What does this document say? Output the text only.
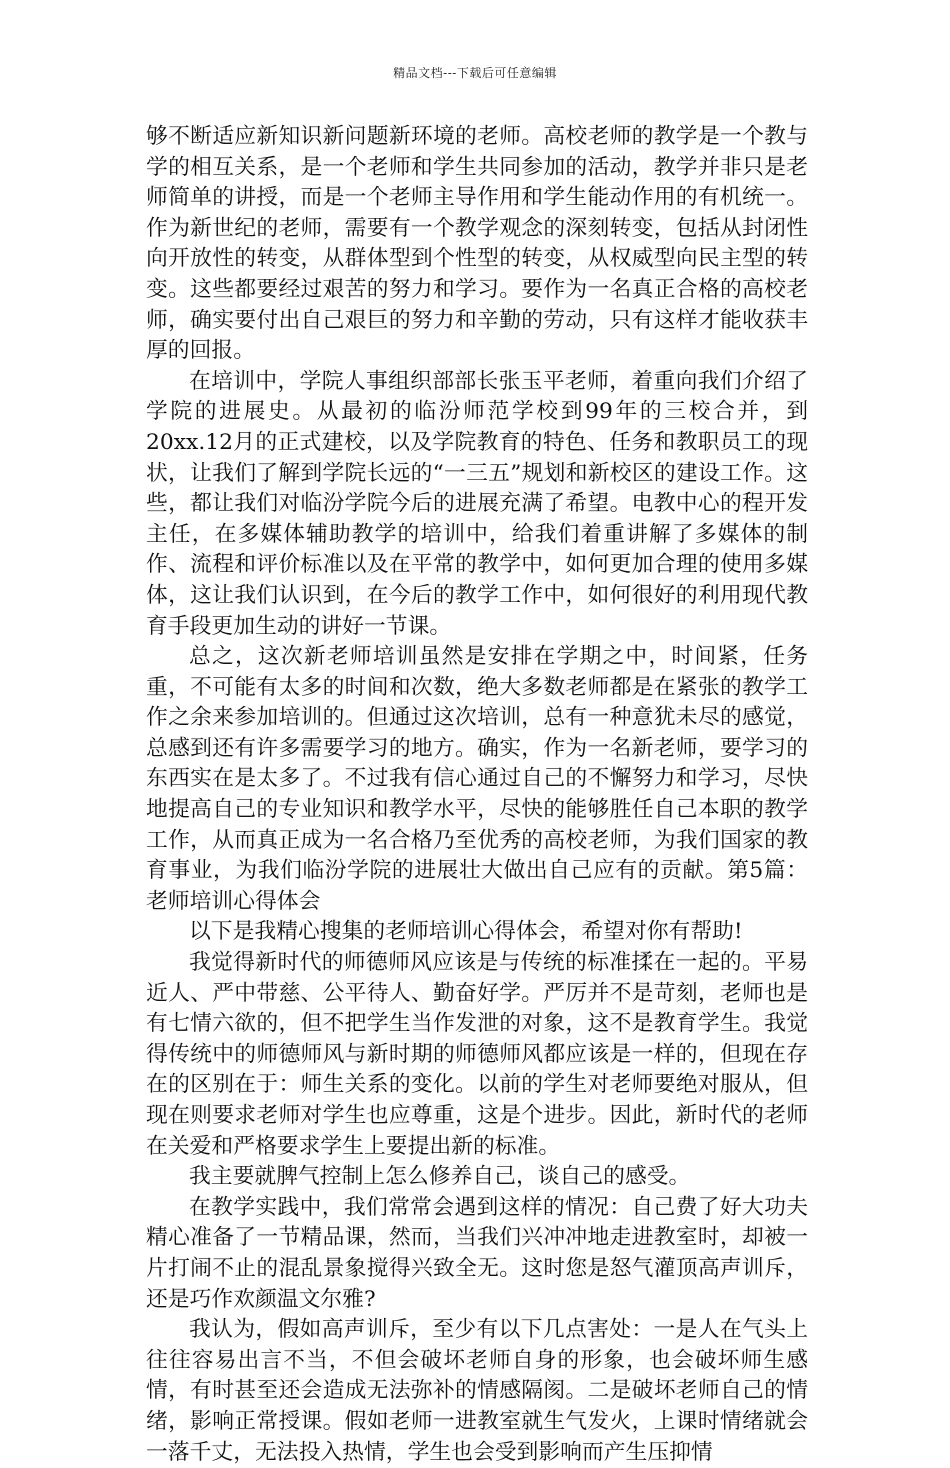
精品文档---下载后可任意编辑

够不断适应新知识新问题新环境的老师。高校老师的教学是一个教与学的相互关系，是一个老师和学生共同参加的活动，教学并非只是老师简单的讲授，而是一个老师主导作用和学生能动作用的有机统一。作为新世纪的老师，需要有一个教学观念的深刻转变，包括从封闭性向开放性的转变，从群体型到个性型的转变，从权威型向民主型的转变。这些都要经过艰苦的努力和学习。要作为一名真正合格的高校老师，确实要付出自己艰巨的努力和辛勤的劳动，只有这样才能收获丰厚的回报。

在培训中，学院人事组织部部长张玉平老师，着重向我们介绍了学院的进展史。从最初的临汾师范学校到99年的三校合并，到20xx.12月的正式建校，以及学院教育的特色、任务和教职员工的现状，让我们了解到学院长远的“一三五”规划和新校区的建设工作。这些，都让我们对临汾学院今后的进展充满了希望。电教中心的程开发主任，在多媒体辅助教学的培训中，给我们着重讲解了多媒体的制作、流程和评价标准以及在平常的教学中，如何更加合理的使用多媒体，这让我们认识到，在今后的教学工作中，如何很好的利用现代教育手段更加生动的讲好一节课。

总之，这次新老师培训虽然是安排在学期之中，时间紧，任务重，不可能有太多的时间和次数，绝大多数老师都是在紧张的教学工作之余来参加培训的。但通过这次培训，总有一种意犹未尽的感觉，总感到还有许多需要学习的地方。确实，作为一名新老师，要学习的东西实在是太多了。不过我有信心通过自己的不懈努力和学习，尽快地提高自己的专业知识和教学水平，尽快的能够胜任自己本职的教学工作，从而真正成为一名合格乃至优秀的高校老师，为我们国家的教育事业，为我们临汾学院的进展壮大做出自己应有的贡献。第5篇：老师培训心得体会

以下是我精心搜集的老师培训心得体会，希望对你有帮助!

我觉得新时代的师德师风应该是与传统的标准揉在一起的。平易近人、严中带慈、公平待人、勤奋好学。严厉并不是苛刻，老师也是有七情六欲的，但不把学生当作发泄的对象，这不是教育学生。我觉得传统中的师德师风与新时期的师德师风都应该是一样的，但现在存在的区别在于：师生关系的变化。以前的学生对老师要绝对服从，但现在则要求老师对学生也应尊重，这是个进步。因此，新时代的老师在关爱和严格要求学生上要提出新的标准。

我主要就脾气控制上怎么修养自己，谈自己的感受。

在教学实践中，我们常常会遇到这样的情况：自己费了好大功夫精心准备了一节精品课，然而，当我们兴冲冲地走进教室时，却被一片打闹不止的混乱景象搅得兴致全无。这时您是怒气灌顶高声训斥，还是巧作欢颜温文尔雅?

我认为，假如高声训斥，至少有以下几点害处：一是人在气头上往往容易出言不当，不但会破坏老师自身的形象，也会破坏师生感情，有时甚至还会造成无法弥补的情感隔阂。二是破坏老师自己的情绪，影响正常授课。假如老师一进教室就生气发火，上课时情绪就会一落千丈，无法投入热情，学生也会受到影响而产生压抑情
